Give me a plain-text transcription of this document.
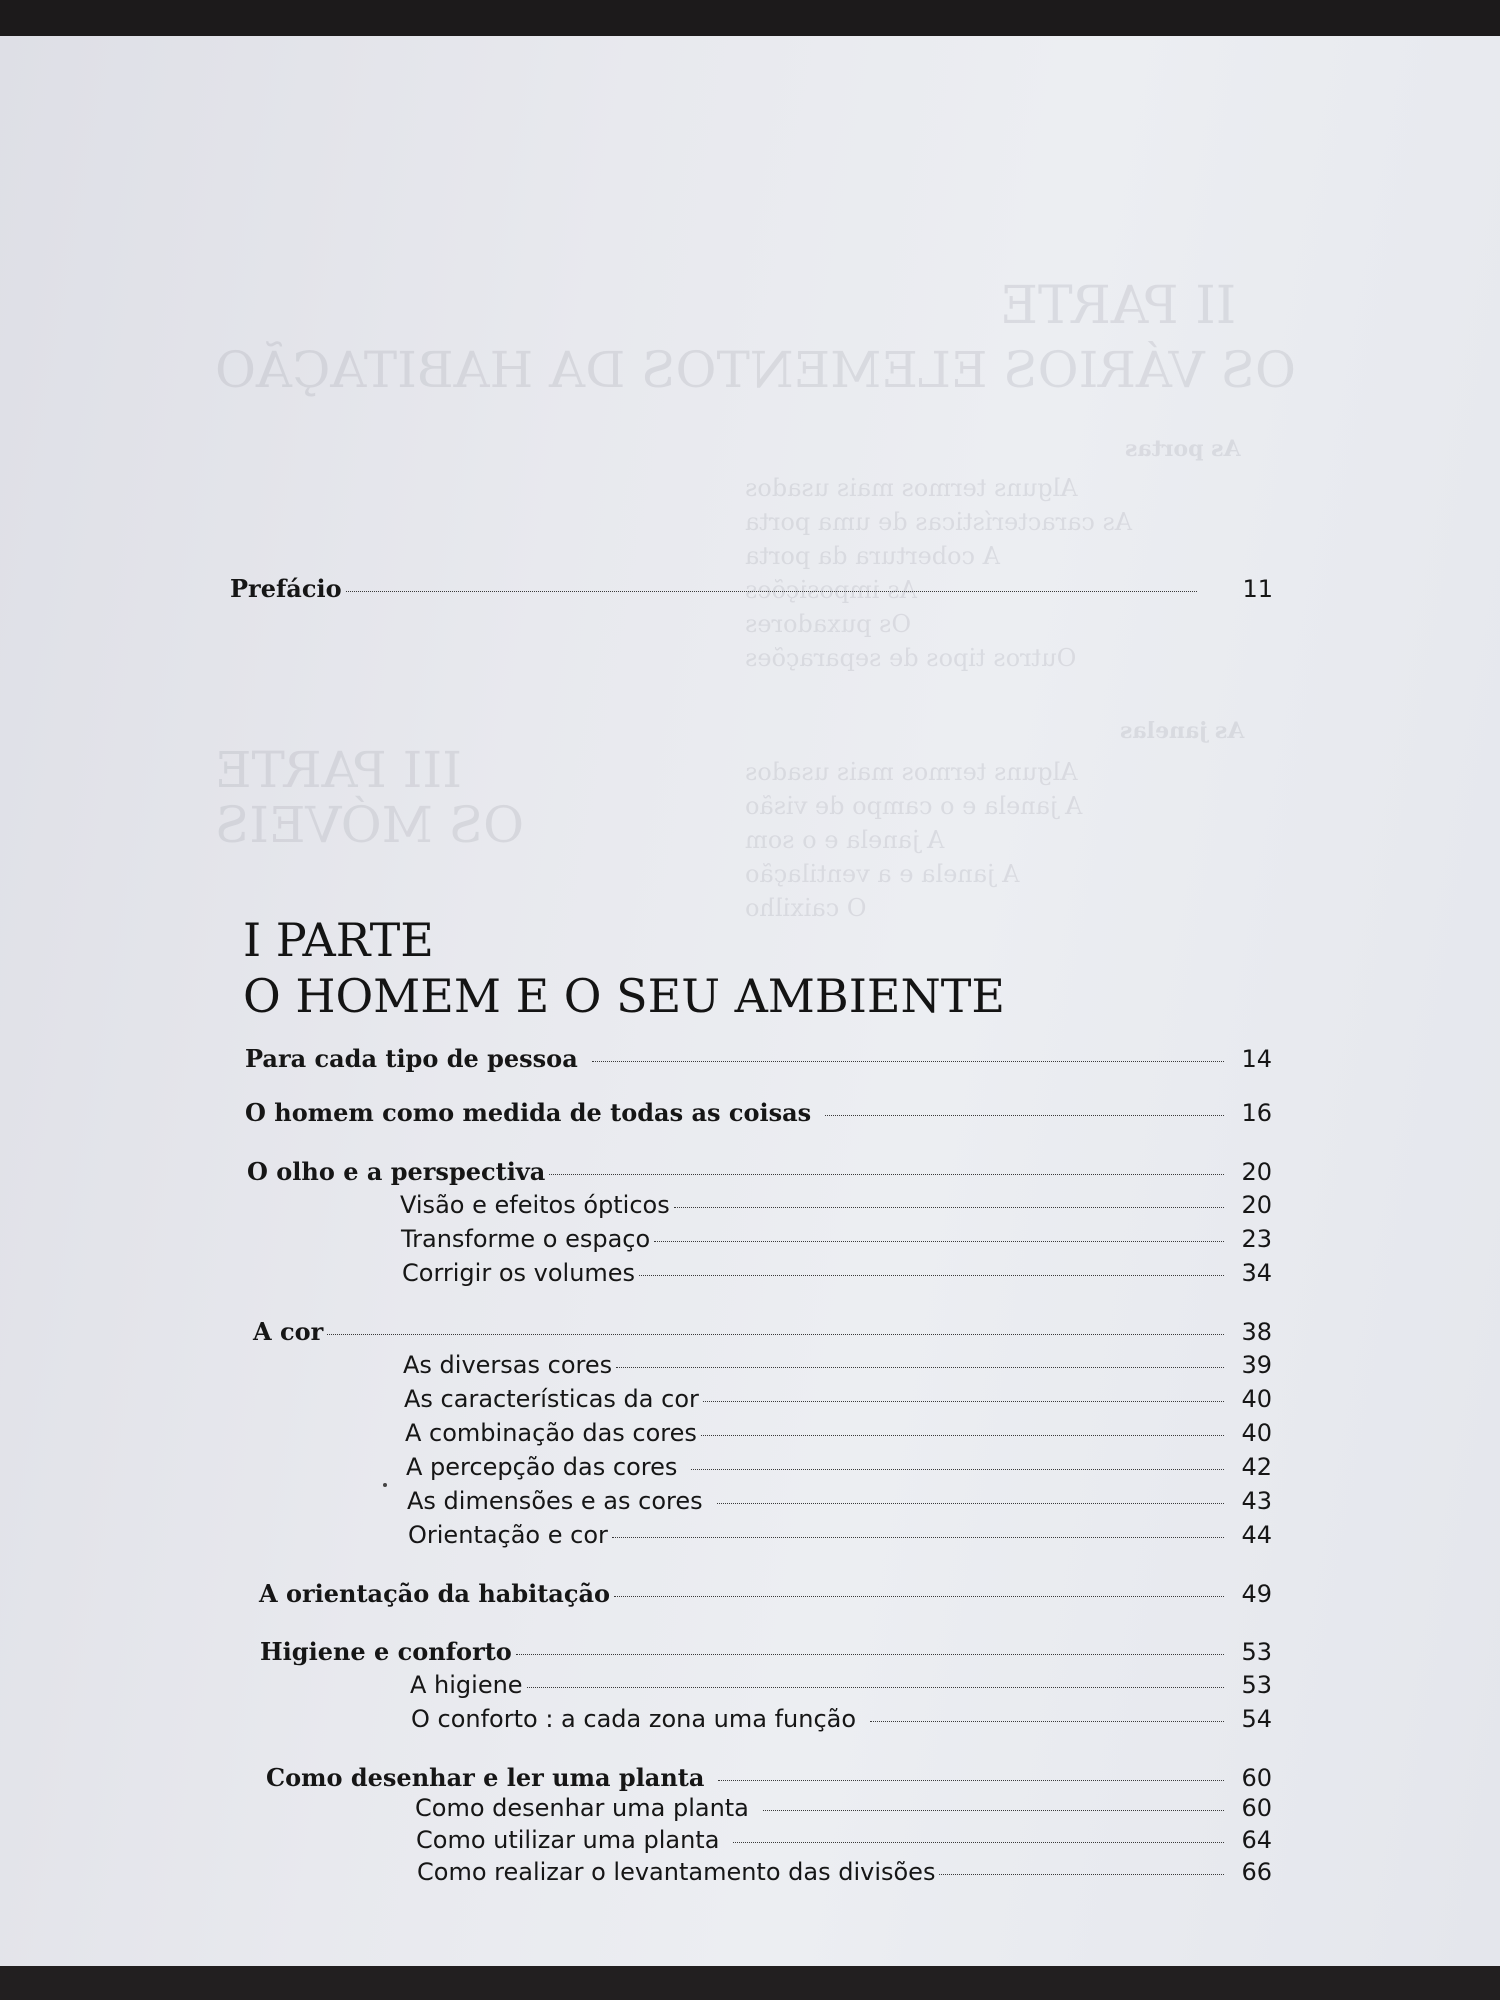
II PARTE
OS VÁRIOS ELEMENTOS DA HABITAÇÃO
As portas
Alguns termos mais usados
As características de uma porta
A cobertura da porta
As imposições
Os puxadores
Outros tipos de separações
As janelas
III PARTE
OS MÓVEIS
Alguns termos mais usados
A janela e o campo de visão
A janela e o som
A janela e a ventilação
O caixilho
Prefácio	11
I PARTE
O HOMEM E O SEU AMBIENTE
Para cada tipo de pessoa	14
O homem como medida de todas as coisas	16
O olho e a perspectiva	20
Visão e efeitos ópticos	20
Transforme o espaço	23
Corrigir os volumes	34
A cor	38
As diversas cores	39
As características da cor	40
A combinação das cores	40
A percepção das cores	42
As dimensões e as cores	43
Orientação e cor	44
A orientação da habitação	49
Higiene e conforto	53
A higiene	53
O conforto : a cada zona uma função	54
Como desenhar e ler uma planta	60
Como desenhar uma planta	60
Como utilizar uma planta	64
Como realizar o levantamento das divisões	66
